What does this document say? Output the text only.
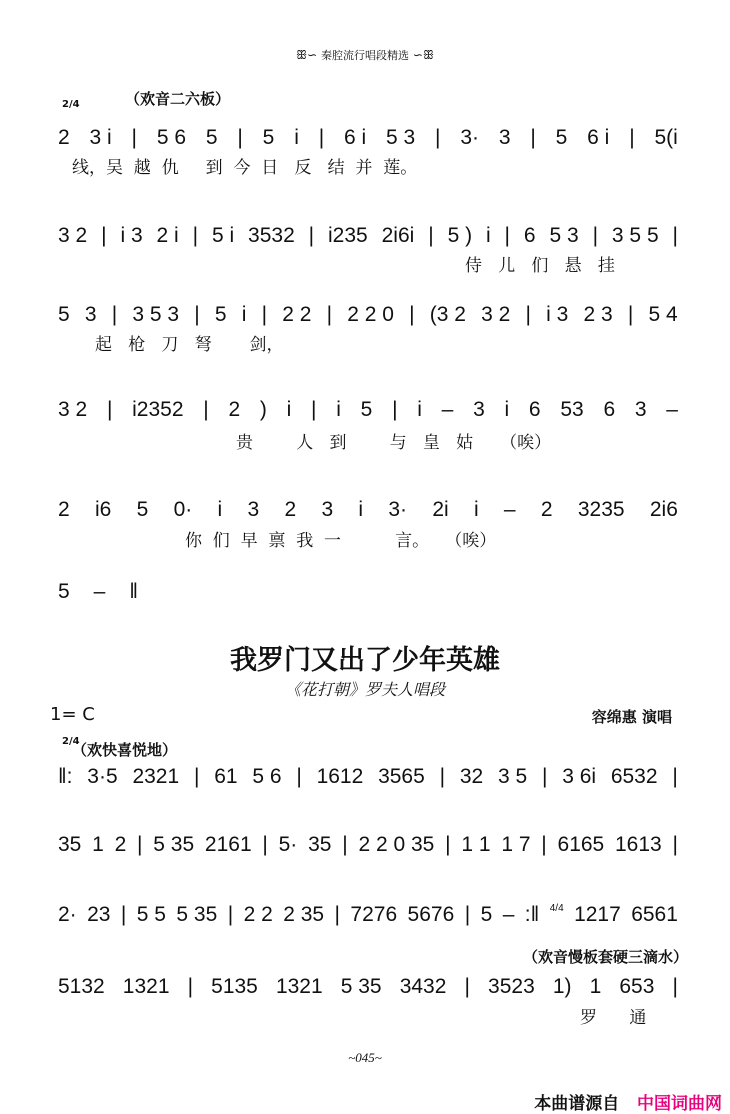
ꕥ∽ 秦腔流行唱段精选 ∽ꕥ
2/4	（欢音二六板）
2 3 i | 5 6 5 | 5 i | 6 i 5 3 | 3· 3 | 5 6 i | 5(i
线，吴  越  仇     到  今  日   反   结  并  莲。
3 2 | i 3 2 i | 5 i 3532 | i235 2i6i | 5 ) i | 6 5 3 | 3 5 5 |
侍   儿   们   悬   挂
5 3 | 3 5 3 | 5 i | 2 2 | 2 2 0 | (3 2 3 2 | i 3 2 3 | 5 4
起   枪   刀   弩       剑，
3 2 | i2352 | 2 ) i | i 5 | i – 3 i 6 53 6 3 –
贵        人   到        与   皇   姑     （唉）
2 i6 5 0· i 3 2 3 i 3· 2i i – 2 3235 2i6
你  们  早  禀  我  一          言。   （唉）
5 – ‖
我罗门又出了少年英雄
《花打朝》罗夫人唱段
1= C	容绵惠 演唱
2/4
（欢快喜悦地）
‖: 3·5 2321 | 61 5 6 | 1612 3565 | 32 3 5 | 3 6i 6532 |
35 1 2 | 5 35 2161 | 5· 35 | 2 2 0 35 | 1 1 1 7 | 6165 1613 |
2· 23 | 5 5 5 35 | 2 2 2 35 | 7276 5676 | 5 – :‖ 4/4 1217 6561
5132 1321 | 5135 1321 5 35 3432 | 3523 1) 1 653 |
罗      通
（欢音慢板套硬三滴水）
~045~
本曲谱源自 中国词曲网
